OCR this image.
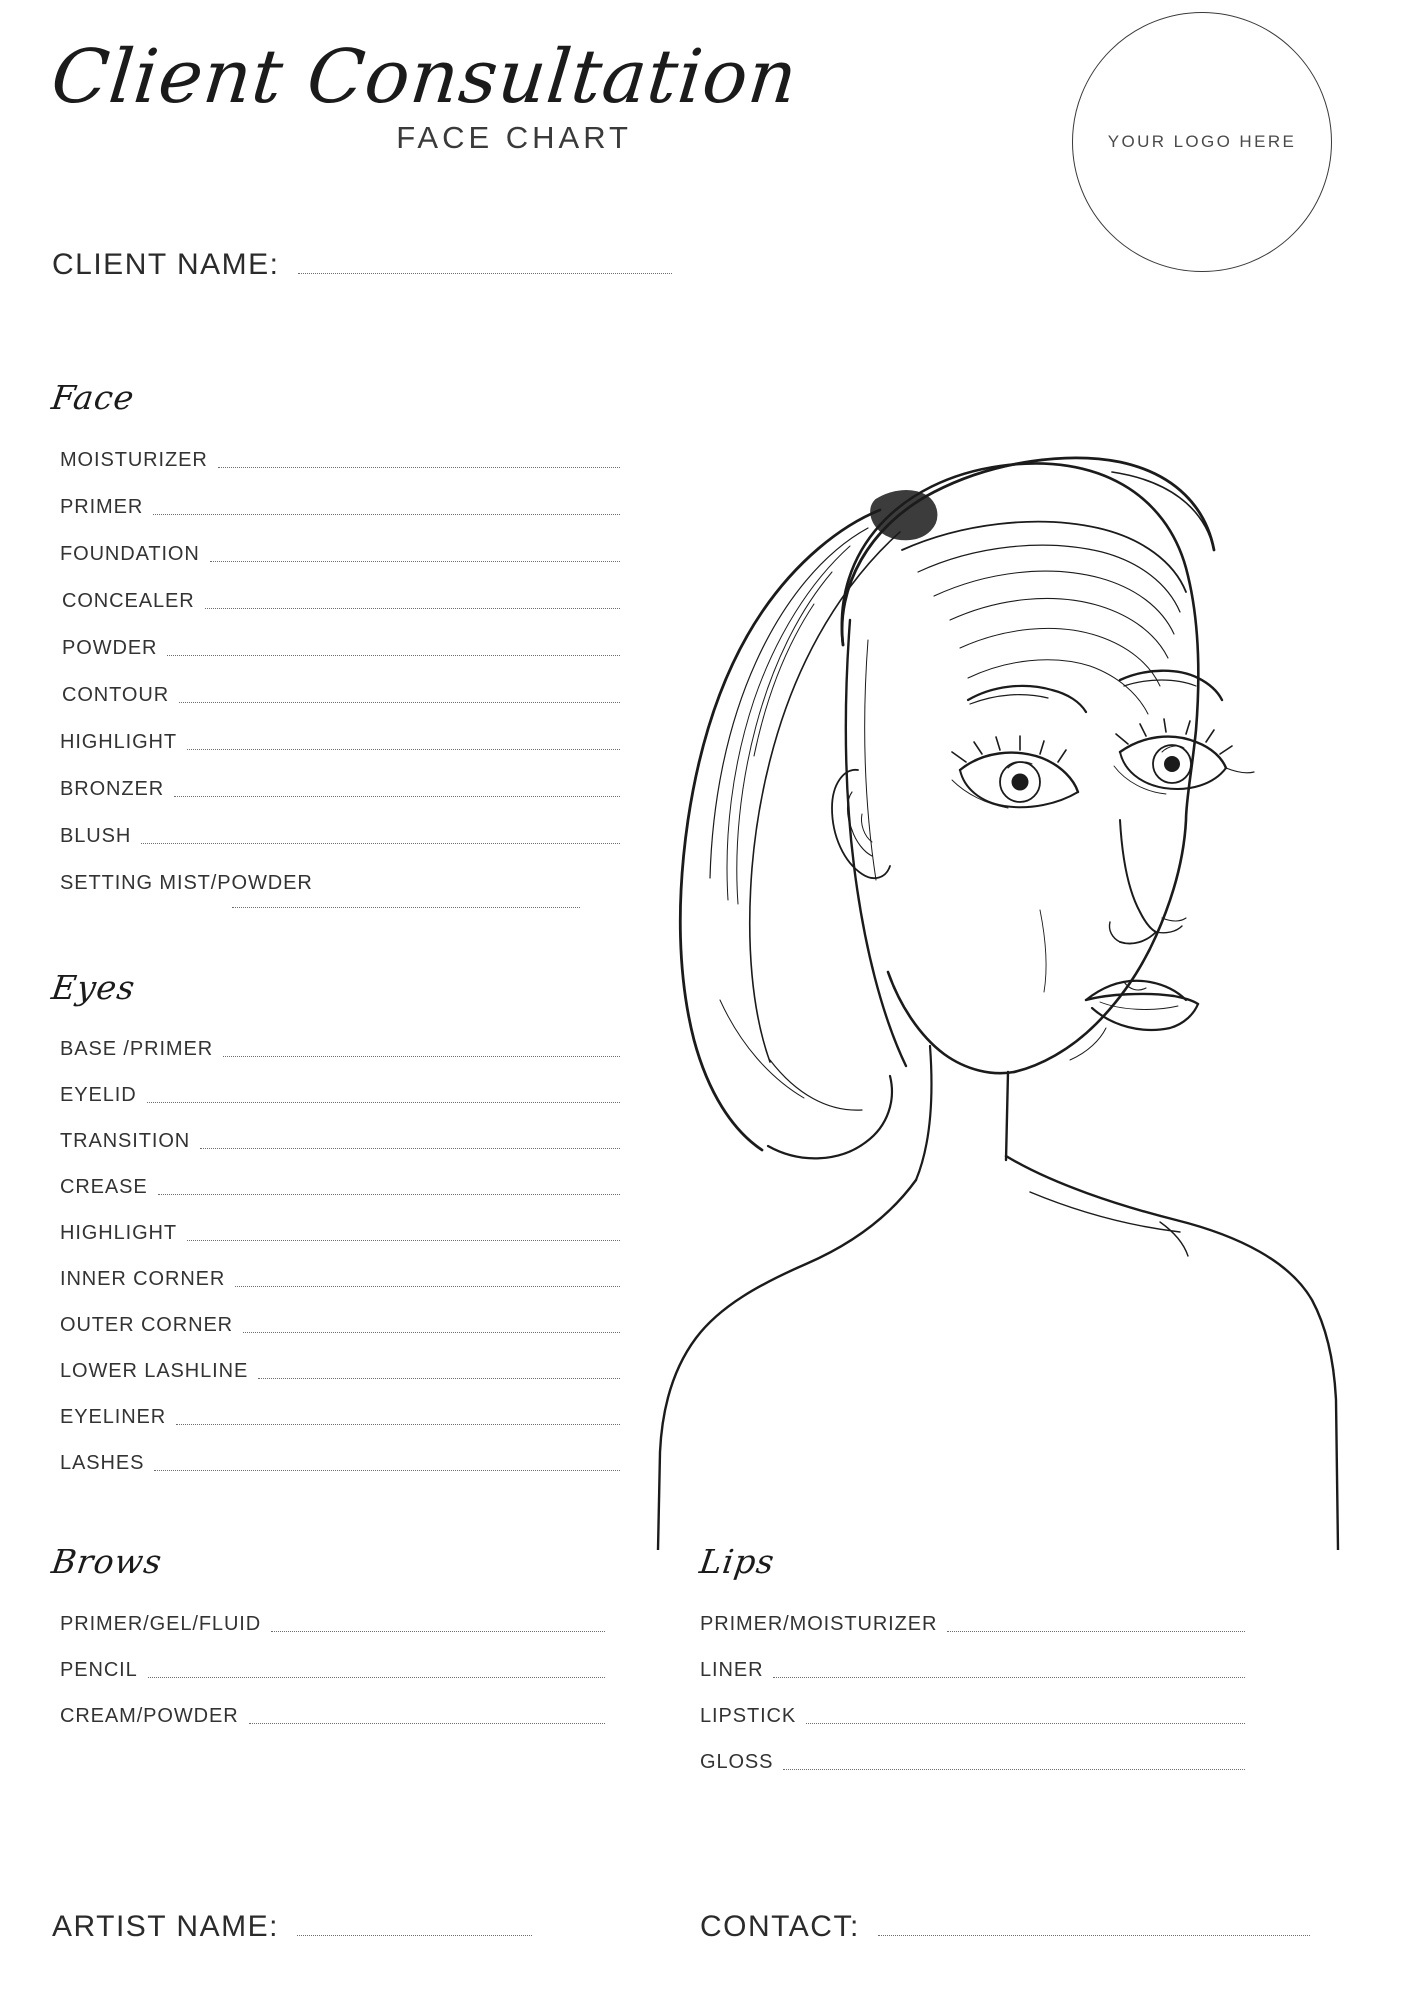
Client Consultation
FACE CHART	YOUR LOGO HERE
CLIENT NAME:
Face
MOISTURIZER
PRIMER
FOUNDATION
CONCEALER
POWDER
CONTOUR
HIGHLIGHT
BRONZER
BLUSH
SETTING MIST/POWDER
Eyes
BASE /PRIMER
EYELID
TRANSITION
CREASE
HIGHLIGHT
INNER CORNER
OUTER CORNER
LOWER LASHLINE
EYELINER
LASHES
Brows
PRIMER/GEL/FLUID
PENCIL
CREAM/POWDER
Lips
PRIMER/MOISTURIZER
LINER
LIPSTICK
GLOSS
ARTIST NAME:	CONTACT:
